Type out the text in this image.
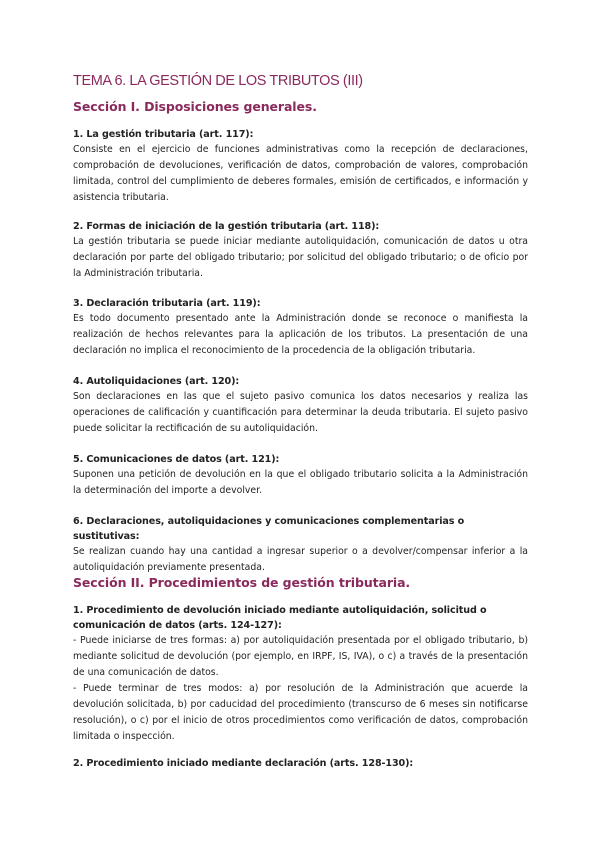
TEMA 6. LA GESTIÓN DE LOS TRIBUTOS (III)
Sección I. Disposiciones generales.
1. La gestión tributaria (art. 117):
Consiste en el ejercicio de funciones administrativas como la recepción de declaraciones, comprobación de devoluciones, verificación de datos, comprobación de valores, comprobación limitada, control del cumplimiento de deberes formales, emisión de certificados, e información y asistencia tributaria.
2. Formas de iniciación de la gestión tributaria (art. 118):
La gestión tributaria se puede iniciar mediante autoliquidación, comunicación de datos u otra declaración por parte del obligado tributario; por solicitud del obligado tributario; o de oficio por la Administración tributaria.
3. Declaración tributaria (art. 119):
Es todo documento presentado ante la Administración donde se reconoce o manifiesta la realización de hechos relevantes para la aplicación de los tributos. La presentación de una declaración no implica el reconocimiento de la procedencia de la obligación tributaria.
4. Autoliquidaciones (art. 120):
Son declaraciones en las que el sujeto pasivo comunica los datos necesarios y realiza las operaciones de calificación y cuantificación para determinar la deuda tributaria. El sujeto pasivo puede solicitar la rectificación de su autoliquidación.
5. Comunicaciones de datos (art. 121):
Suponen una petición de devolución en la que el obligado tributario solicita a la Administración la determinación del importe a devolver.
6. Declaraciones, autoliquidaciones y comunicaciones complementarias o sustitutivas:
Se realizan cuando hay una cantidad a ingresar superior o a devolver/compensar inferior a la autoliquidación previamente presentada.
Sección II. Procedimientos de gestión tributaria.
1. Procedimiento de devolución iniciado mediante autoliquidación, solicitud o comunicación de datos (arts. 124-127):
- Puede iniciarse de tres formas: a) por autoliquidación presentada por el obligado tributario, b) mediante solicitud de devolución (por ejemplo, en IRPF, IS, IVA), o c) a través de la presentación de una comunicación de datos.
- Puede terminar de tres modos: a) por resolución de la Administración que acuerde la devolución solicitada, b) por caducidad del procedimiento (transcurso de 6 meses sin notificarse resolución), o c) por el inicio de otros procedimientos como verificación de datos, comprobación limitada o inspección.
2. Procedimiento iniciado mediante declaración (arts. 128-130):
